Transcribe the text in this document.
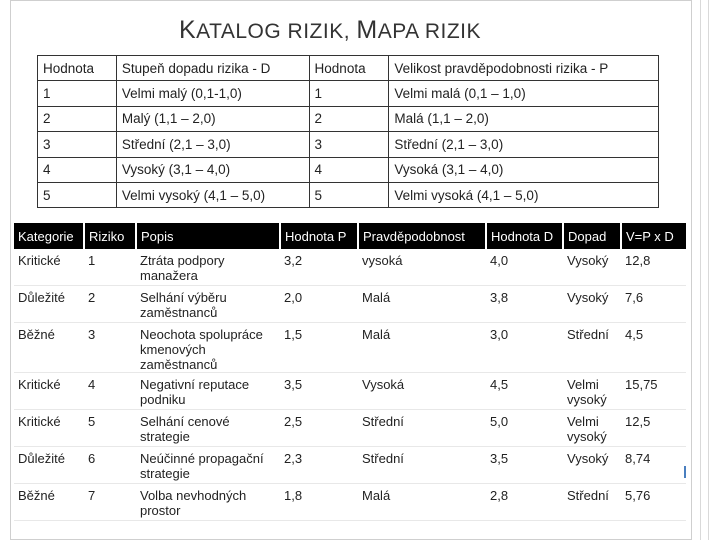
KATALOG RIZIK, MAPA RIZIK
Hodnota	Stupeň dopadu rizika - D	Hodnota	Velikost pravděpodobnosti rizika - P
1	Velmi malý (0,1-1,0)	1	Velmi malá (0,1 – 1,0)
2	Malý (1,1 – 2,0)	2	Malá (1,1 – 2,0)
3	Střední (2,1 – 3,0)	3	Střední (2,1 – 3,0)
4	Vysoký (3,1 – 4,0)	4	Vysoká (3,1 – 4,0)
5	Velmi vysoký (4,1 – 5,0)	5	Velmi vysoká (4,1 – 5,0)
Kategorie	Riziko	Popis	Hodnota P	Pravděpodobnost	Hodnota D	Dopad	V=P x D
Kritické	1	Ztráta podpory manažera	3,2	vysoká	4,0	Vysoký	12,8
Důležité	2	Selhání výběru zaměstnanců	2,0	Malá	3,8	Vysoký	7,6
Běžné	3	Neochota spolupráce kmenových zaměstnanců	1,5	Malá	3,0	Střední	4,5
Kritické	4	Negativní reputace podniku	3,5	Vysoká	4,5	Velmi vysoký	15,75
Kritické	5	Selhání cenové strategie	2,5	Střední	5,0	Velmi vysoký	12,5
Důležité	6	Neúčinné propagační strategie	2,3	Střední	3,5	Vysoký	8,74
Běžné	7	Volba nevhodných prostor	1,8	Malá	2,8	Střední	5,76
